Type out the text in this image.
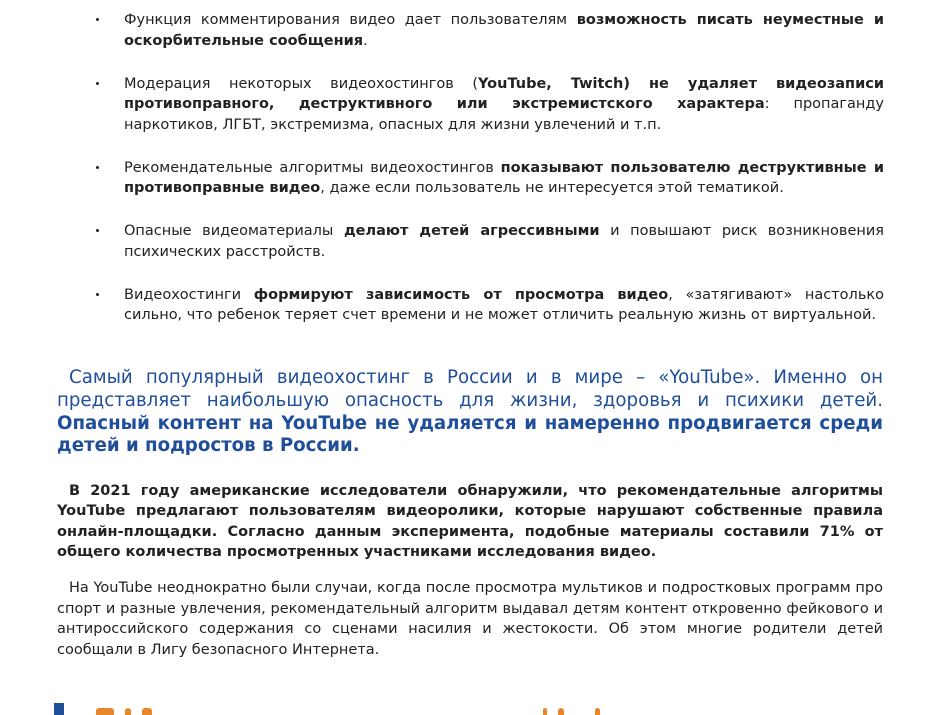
Функция комментирования видео дает пользователям возможность писать неуместные и оскорбительные сообщения.
Модерация некоторых видеохостингов (YouTube, Twitch) не удаляет видеозаписи противоправного, деструктивного или экстремистского характера: пропаганду наркотиков, ЛГБТ, экстремизма, опасных для жизни увлечений и т.п.
Рекомендательные алгоритмы видеохостингов показывают пользователю деструктивные и противоправные видео, даже если пользователь не интересуется этой тематикой.
Опасные видеоматериалы делают детей агрессивными и повышают риск возникновения психических расстройств.
Видеохостинги формируют зависимость от просмотра видео, «затягивают» настолько сильно, что ребенок теряет счет времени и не может отличить реальную жизнь от виртуальной.
Самый популярный видеохостинг в России и в мире – «YouTube». Именно он представляет наибольшую опасность для жизни, здоровья и психики детей. Опасный контент на YouTube не удаляется и намеренно продвигается среди детей и подростов в России.
В 2021 году американские исследователи обнаружили, что рекомендательные алгоритмы YouTube предлагают пользователям видеоролики, которые нарушают собственные правила онлайн-площадки. Согласно данным эксперимента, подобные материалы составили 71% от общего количества просмотренных участниками исследования видео.
На YouTube неоднократно были случаи, когда после просмотра мультиков и подростковых программ про спорт и разные увлечения, рекомендательный алгоритм выдавал детям контент откровенно фейкового и антироссийского содержания со сценами насилия и жестокости. Об этом многие родители детей сообщали в Лигу безопасного Интернета.
